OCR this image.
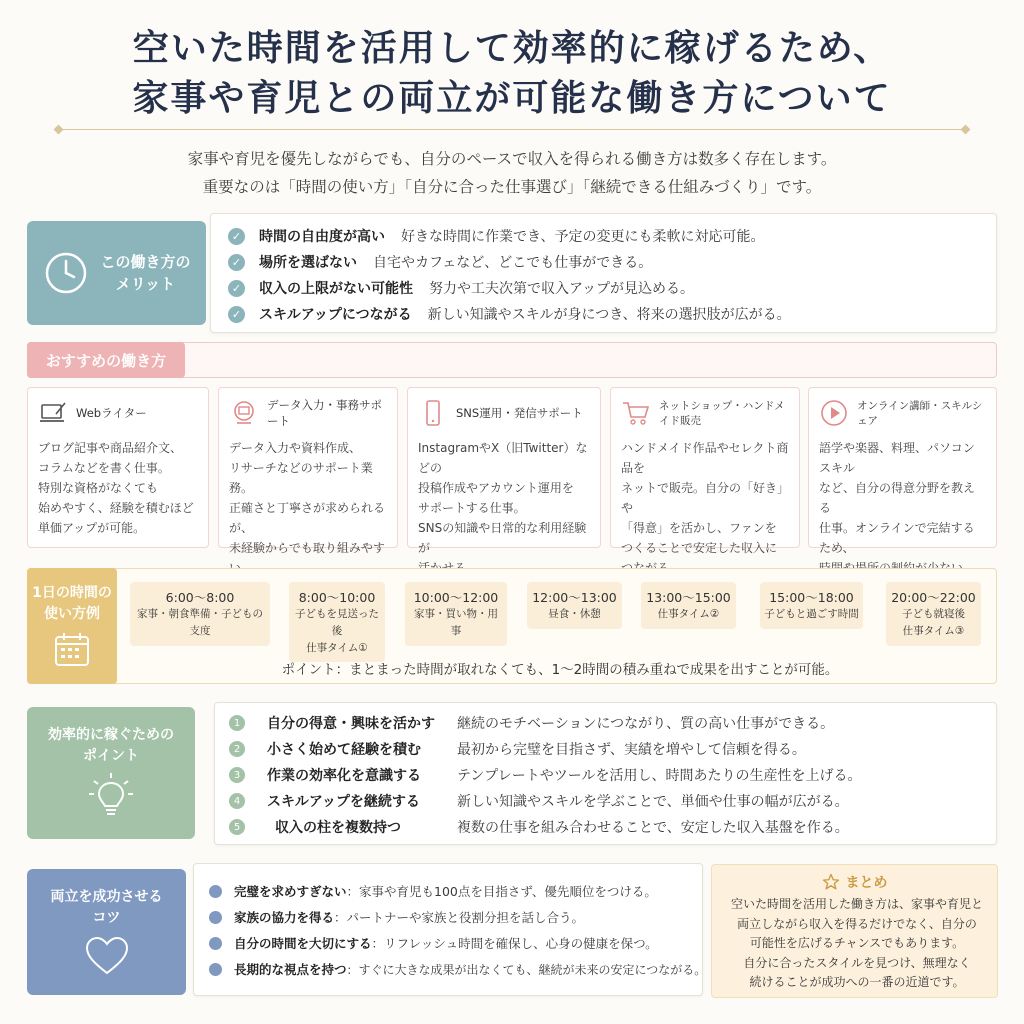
空いた時間を活用して効率的に稼げるため、
家事や育児との両立が可能な働き方について
家事や育児を優先しながらでも、自分のペースで収入を得られる働き方は数多く存在します。
重要なのは「時間の使い方」「自分に合った仕事選び」「継続できる仕組みづくり」です。
この働き方の
メリット
✓ 時間の自由度が高い 好きな時間に作業でき、予定の変更にも柔軟に対応可能。
✓ 場所を選ばない 自宅やカフェなど、どこでも仕事ができる。
✓ 収入の上限がない可能性 努力や工夫次第で収入アップが見込める。
✓ スキルアップにつながる 新しい知識やスキルが身につき、将来の選択肢が広がる。
おすすめの働き方
Webライター
ブログ記事や商品紹介文、
コラムなどを書く仕事。
特別な資格がなくても
始めやすく、経験を積むほど
単価アップが可能。
データ入力・事務サポート
データ入力や資料作成、
リサーチなどのサポート業務。
正確さと丁寧さが求められるが、
未経験からでも取り組みやす
SNS運用・発信サポート
InstagramやX（旧Twitter）などの
投稿作成やアカウント運用を
サポートする仕事。
SNSの知識や日常的な利用経験が

ネットショップ・ハンドメイド販売
ハンドメイド作品やセレクト商品を
ネットで販売。自分の「好き」や
「得意」を活かし、ファンを
つくることで安定した収入に

オンライン講師・スキルシェア
語学や楽器、料理、パソコンスキル
など、自分の得意分野を教える
仕事。オンラインで完結するため、

1日の時間の
使い方例
6:00〜8:00
家事・朝食準備・子どもの支度
8:00〜10:00
子どもを見送った後
仕事タイム①
10:00〜12:00
家事・買い物・用事
12:00〜13:00
昼食・休憩
13:00〜15:00
仕事タイム②
15:00〜18:00
子どもと過ごす時間
20:00〜22:00
子ども就寝後
仕事タイム③
ポイント：まとまった時間が取れなくても、1〜2時間の積み重ねで成果を出すことが可能。
効率的に稼ぐための
ポイント
1	自分の得意・興味を活かす	継続のモチベーションにつながり、質の高い仕事ができる。
2	小さく始めて経験を積む	最初から完璧を目指さず、実績を増やして信頼を得る。
3	作業の効率化を意識する	テンプレートやツールを活用し、時間あたりの生産性を上げる。
4	スキルアップを継続する	新しい知識やスキルを学ぶことで、単価や仕事の幅が広がる。
5	収入の柱を複数持つ	複数の仕事を組み合わせることで、安定した収入基盤を作る。
両立を成功させる
コツ
完璧を求めすぎない ：家事や育児も100点を目指さず、優先順位をつける。
家族の協力を得る ：パートナーや家族と役割分担を話し合う。
自分の時間を大切にする ：リフレッシュ時間を確保し、心身の健康を保つ。
長期的な視点を持つ ：すぐに大きな成果が出なくても、継続が未来の安定につながる。
まとめ
空いた時間を活用した働き方は、家事や育児と
両立しながら収入を得るだけでなく、自分の
可能性を広げるチャンスでもあります。
自分に合ったスタイルを見つけ、無理なく
続けることが成功への一番の近道です。
